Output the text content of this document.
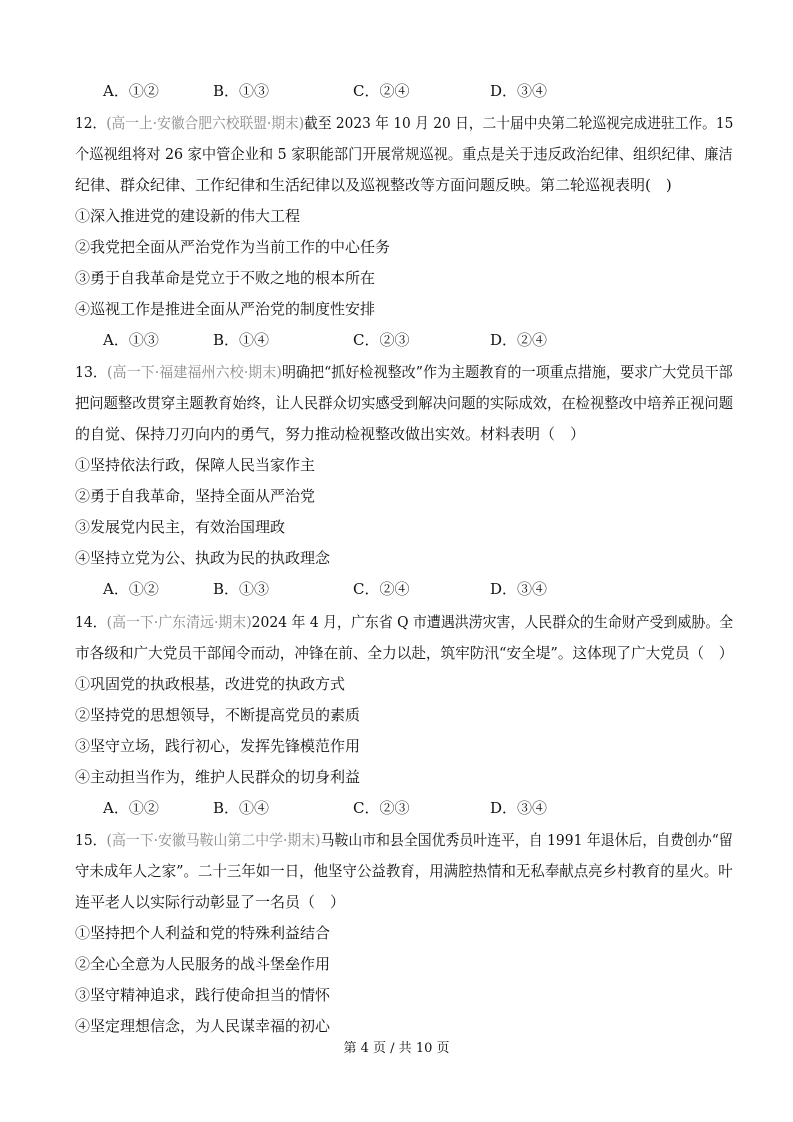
A．①②	B．①③	C．②④	D．③④
12．(高一上·安徽合肥六校联盟·期末)截至 2023 年 10 月 20 日，二十届中央第二轮巡视完成进驻工作。15
个巡视组将对 26 家中管企业和 5 家职能部门开展常规巡视。重点是关于违反政治纪律、组织纪律、廉洁
纪律、群众纪律、工作纪律和生活纪律以及巡视整改等方面问题反映。第二轮巡视表明(　)
①深入推进党的建设新的伟大工程
②我党把全面从严治党作为当前工作的中心任务
③勇于自我革命是党立于不败之地的根本所在
④巡视工作是推进全面从严治党的制度性安排
A．①③	B．①④	C．②③	D．②④
13．(高一下·福建福州六校·期末)明确把“抓好检视整改”作为主题教育的一项重点措施，要求广大党员干部
把问题整改贯穿主题教育始终，让人民群众切实感受到解决问题的实际成效，在检视整改中培养正视问题
的自觉、保持刀刃向内的勇气，努力推动检视整改做出实效。材料表明（　）
①坚持依法行政，保障人民当家作主
②勇于自我革命，坚持全面从严治党
③发展党内民主，有效治国理政
④坚持立党为公、执政为民的执政理念
A．①②	B．①③	C．②④	D．③④
14．(高一下·广东清远·期末)2024 年 4 月，广东省 Q 市遭遇洪涝灾害，人民群众的生命财产受到威胁。全
市各级和广大党员干部闻令而动，冲锋在前、全力以赴，筑牢防汛“安全堤”。这体现了广大党员（　）
①巩固党的执政根基，改进党的执政方式
②坚持党的思想领导，不断提高党员的素质
③坚守立场，践行初心，发挥先锋模范作用
④主动担当作为，维护人民群众的切身利益
A．①②	B．①④	C．②③	D．③④
15．(高一下·安徽马鞍山第二中学·期末)马鞍山市和县全国优秀员叶连平，自 1991 年退休后，自费创办“留
守未成年人之家”。二十三年如一日，他坚守公益教育，用满腔热情和无私奉献点亮乡村教育的星火。叶
连平老人以实际行动彰显了一名员（　）
①坚持把个人利益和党的特殊利益结合
②全心全意为人民服务的战斗堡垒作用
③坚守精神追求，践行使命担当的情怀
④坚定理想信念，为人民谋幸福的初心
第 4 页 / 共 10 页
